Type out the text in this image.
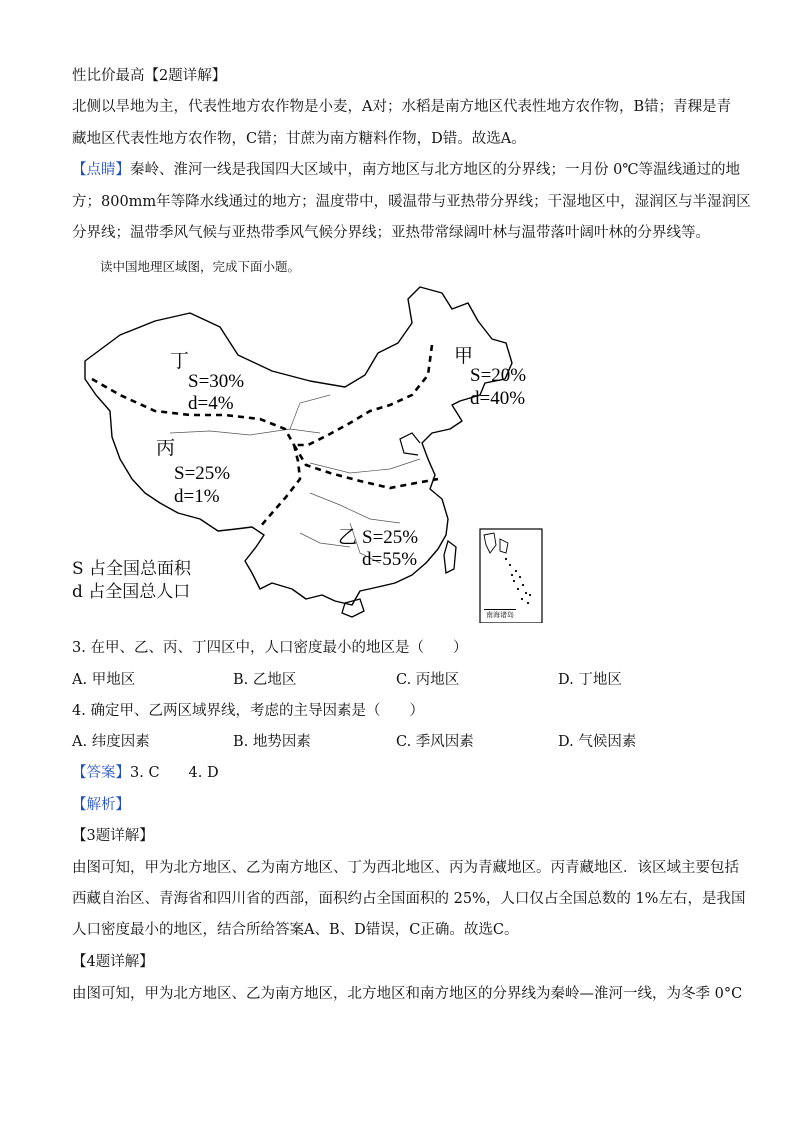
性比价最高【2题详解】
北侧以旱地为主，代表性地方农作物是小麦，A对；水稻是南方地区代表性地方农作物，B错；青稞是青
藏地区代表性地方农作物，C错；甘蔗为南方糖料作物，D错。故选A。
【点睛】秦岭、淮河一线是我国四大区域中，南方地区与北方地区的分界线；一月份 0℃等温线通过的地
方；800mm年等降水线通过的地方；温度带中，暖温带与亚热带分界线；干湿地区中，湿润区与半湿润区
分界线；温带季风气候与亚热带季风气候分界线；亚热带常绿阔叶林与温带落叶阔叶林的分界线等。
读中国地理区域图，完成下面小题。
丁
S=30%
d=4%
甲
S=20%
d=40%
丙
S=25%
d=1%
乙 S=25%
d=55%
S 占全国总面积
d 占全国总人口
南海诸岛
3. 在甲、乙、丙、丁四区中，人口密度最小的地区是（　　）
A. 甲地区	B. 乙地区	C. 丙地区	D. 丁地区
4. 确定甲、乙两区域界线，考虑的主导因素是（　　）
A. 纬度因素	B. 地势因素	C. 季风因素	D. 气候因素
【答案】3. C　　4. D
【解析】
【3题详解】
由图可知，甲为北方地区、乙为南方地区、丁为西北地区、丙为青藏地区。丙青藏地区．该区域主要包括
西藏自治区、青海省和四川省的西部，面积约占全国面积的 25%，人口仅占全国总数的 1%左右，是我国
人口密度最小的地区，结合所给答案A、B、D错误，C正确。故选C。
【4题详解】
由图可知，甲为北方地区、乙为南方地区，北方地区和南方地区的分界线为秦岭—淮河一线，为冬季 0°C
